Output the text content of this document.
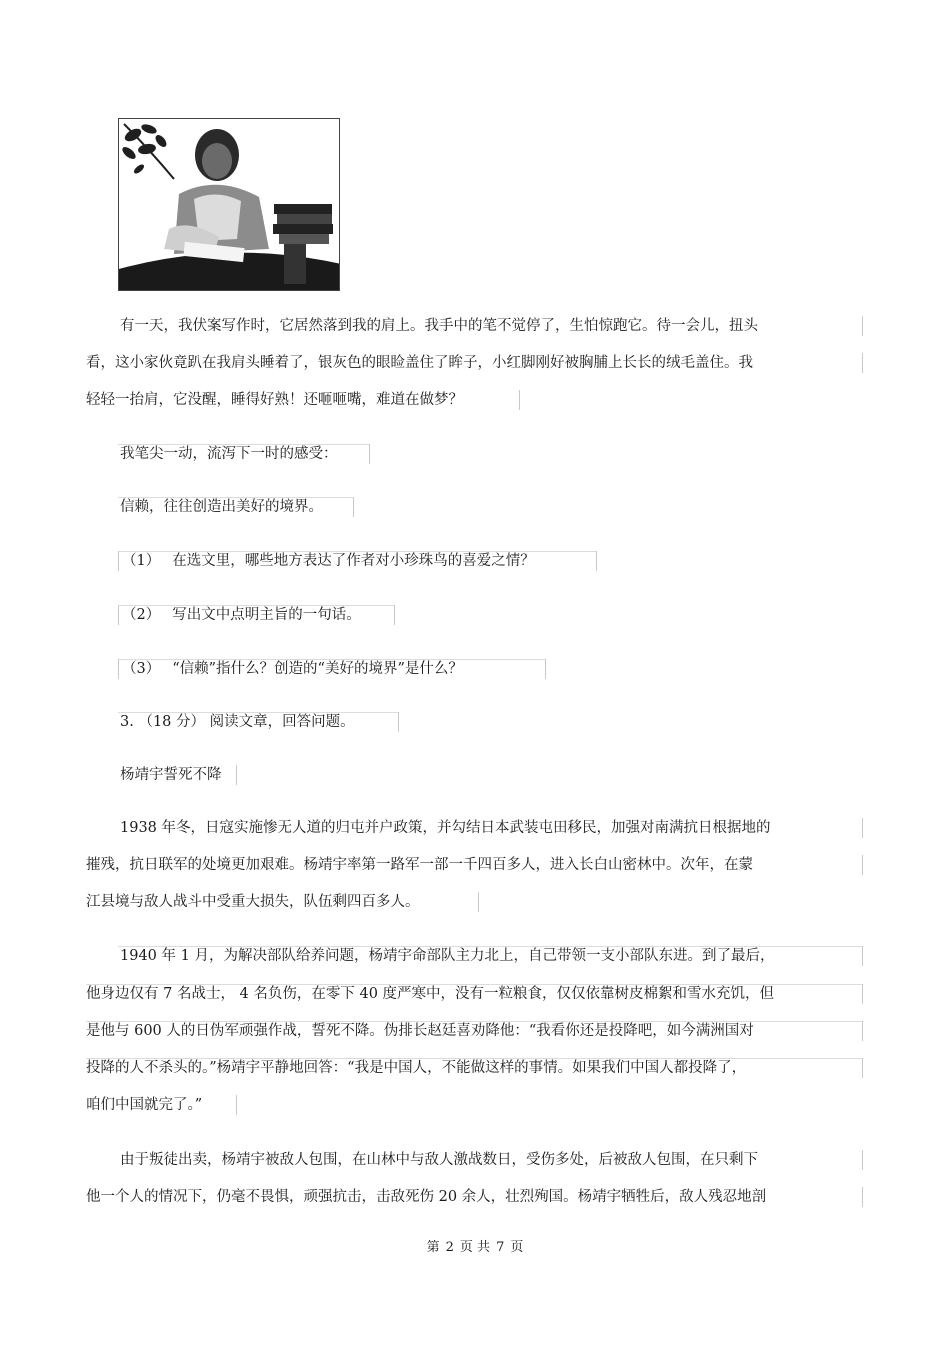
有一天，我伏案写作时，它居然落到我的肩上。我手中的笔不觉停了，生怕惊跑它。待一会儿，扭头
看，这小家伙竟趴在我肩头睡着了，银灰色的眼睑盖住了眸子，小红脚刚好被胸脯上长长的绒毛盖住。我
轻轻一抬肩，它没醒，睡得好熟！还咂咂嘴，难道在做梦？
我笔尖一动，流泻下一时的感受：
信赖，往往创造出美好的境界。
（1） 在选文里，哪些地方表达了作者对小珍珠鸟的喜爱之情？
（2） 写出文中点明主旨的一句话。
（3） “信赖”指什么？创造的“美好的境界”是什么？
3. （18 分） 阅读文章，回答问题。
杨靖宇誓死不降
1938 年冬，日寇实施惨无人道的归屯并户政策，并勾结日本武装屯田移民，加强对南满抗日根据地的
摧残，抗日联军的处境更加艰难。杨靖宇率第一路军一部一千四百多人，进入长白山密林中。次年，在蒙
江县境与敌人战斗中受重大损失，队伍剩四百多人。
1940 年 1 月，为解决部队给养问题，杨靖宇命部队主力北上，自己带领一支小部队东进。到了最后，
他身边仅有 7 名战士， 4 名负伤，在零下 40 度严寒中，没有一粒粮食，仅仅依靠树皮棉絮和雪水充饥，但
是他与 600 人的日伪军顽强作战，誓死不降。伪排长赵廷喜劝降他：“我看你还是投降吧，如今满洲国对
投降的人不杀头的。”杨靖宇平静地回答：“我是中国人，不能做这样的事情。如果我们中国人都投降了，
咱们中国就完了。”
由于叛徒出卖，杨靖宇被敌人包围，在山林中与敌人激战数日，受伤多处，后被敌人包围，在只剩下
他一个人的情况下，仍毫不畏惧，顽强抗击，击敌死伤 20 余人，壮烈殉国。杨靖宇牺牲后，敌人残忍地剖
第 2 页 共 7 页
